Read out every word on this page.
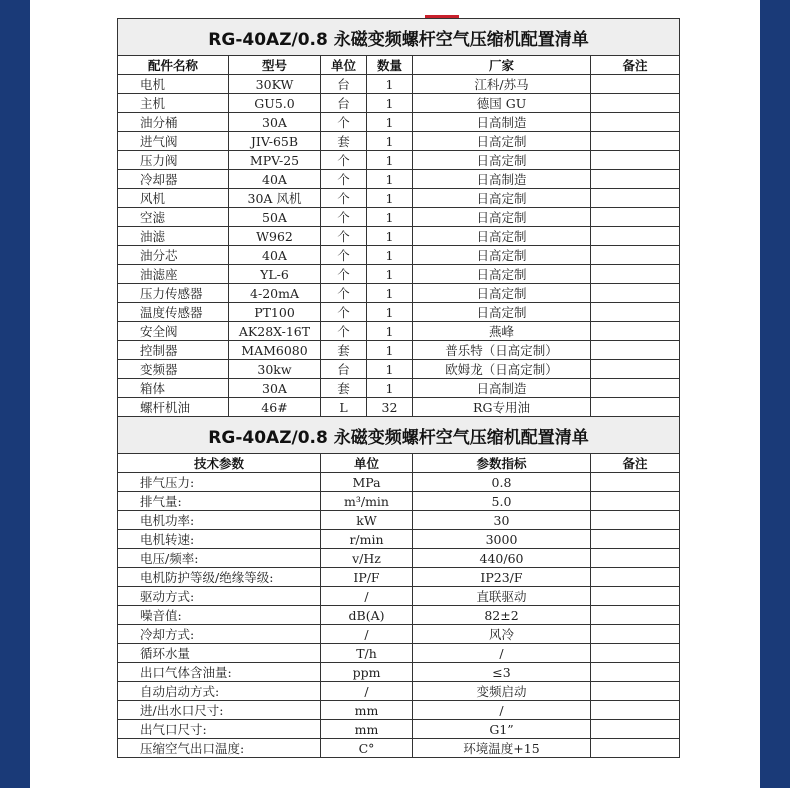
RG-40AZ/0.8 永磁变频螺杆空气压缩机配置清单					
配件名称	型号	单位	数量	厂家	备注
电机	30KW	台	1	江科/苏马	
主机	GU5.0	台	1	德国 GU	
油分桶	30A	个	1	日高制造	
进气阀	JIV-65B	套	1	日高定制	
压力阀	MPV-25	个	1	日高定制	
冷却器	40A	个	1	日高制造	
风机	30A 风机	个	1	日高定制	
空滤	50A	个	1	日高定制	
油滤	W962	个	1	日高定制	
油分芯	40A	个	1	日高定制	
油滤座	YL-6	个	1	日高定制	
压力传感器	4-20mA	个	1	日高定制	
温度传感器	PT100	个	1	日高定制	
安全阀	AK28X-16T	个	1	燕峰	
控制器	MAM6080	套	1	普乐特（日高定制）	
变频器	30kw	台	1	欧姆龙（日高定制）	
箱体	30A	套	1	日高制造	
螺杆机油	46#	L	32	RG专用油	
RG-40AZ/0.8 永磁变频螺杆空气压缩机配置清单			
技术参数	单位	参数指标	备注
排气压力:	MPa	0.8	
排气量:	m³/min	5.0	
电机功率:	kW	30	
电机转速:	r/min	3000	
电压/频率:	v/Hz	440/60	
电机防护等级/绝缘等级:	IP/F	IP23/F	
驱动方式:	/	直联驱动	
噪音值:	dB(A)	82±2	
冷却方式:	/	风冷	
循环水量	T/h	/	
出口气体含油量:	ppm	≤3	
自动启动方式:	/	变频启动	
进/出水口尺寸:	mm	/	
出气口尺寸:	mm	G1”	
压缩空气出口温度:	C°	环境温度+15	
